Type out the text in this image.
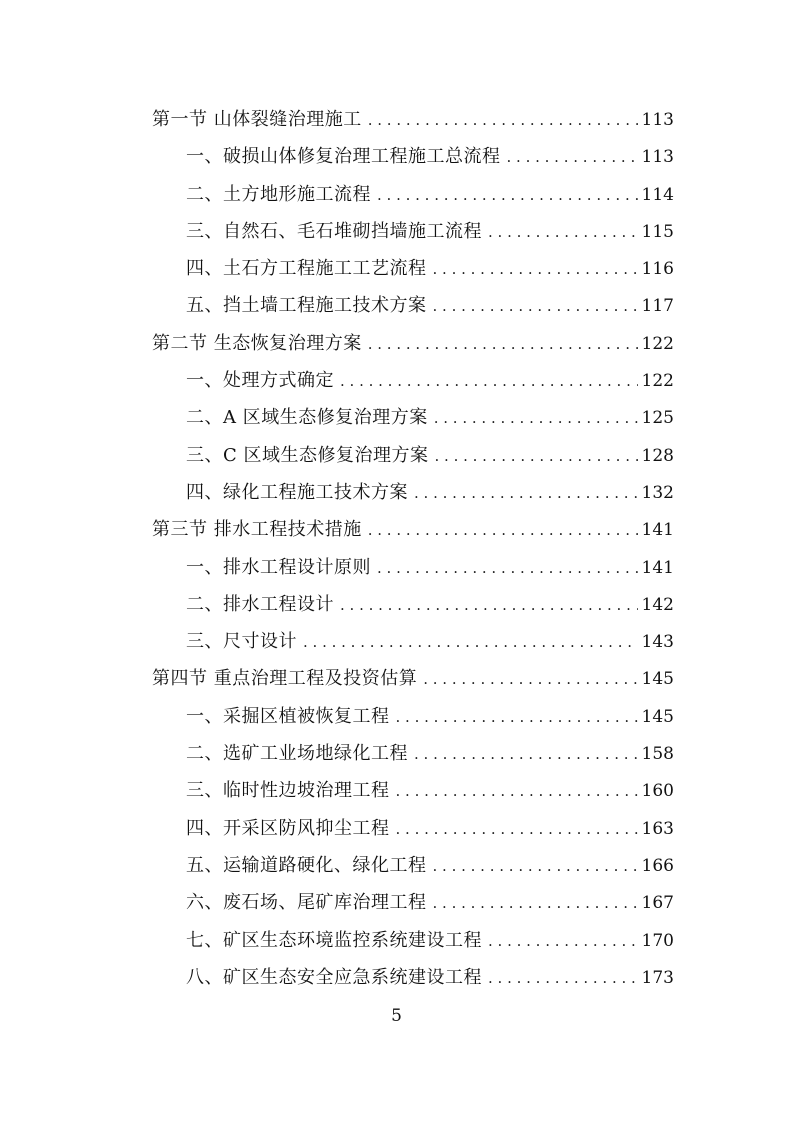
第一节 山体裂缝治理施工 . . .	113
一、破损山体修复治理工程施工总流程 . . .	113
二、土方地形施工流程 . . .	114
三、自然石、毛石堆砌挡墙施工流程 . . .	115
四、土石方工程施工工艺流程 . . .	116
五、挡土墙工程施工技术方案 . . .	117
第二节 生态恢复治理方案 . . .	122
一、处理方式确定 . . .	122
二、A 区域生态修复治理方案 . . .	125
三、C 区域生态修复治理方案 . . .	128
四、绿化工程施工技术方案 . . .	132
第三节 排水工程技术措施 . . .	141
一、排水工程设计原则 . . .	141
二、排水工程设计 . . .	142
三、尺寸设计 . . .	143
第四节 重点治理工程及投资估算 . . .	145
一、采掘区植被恢复工程 . . .	145
二、选矿工业场地绿化工程 . . .	158
三、临时性边坡治理工程 . . .	160
四、开采区防风抑尘工程 . . .	163
五、运输道路硬化、绿化工程 . . .	166
六、废石场、尾矿库治理工程 . . .	167
七、矿区生态环境监控系统建设工程 . . .	170
八、矿区生态安全应急系统建设工程 . . .	173
5
